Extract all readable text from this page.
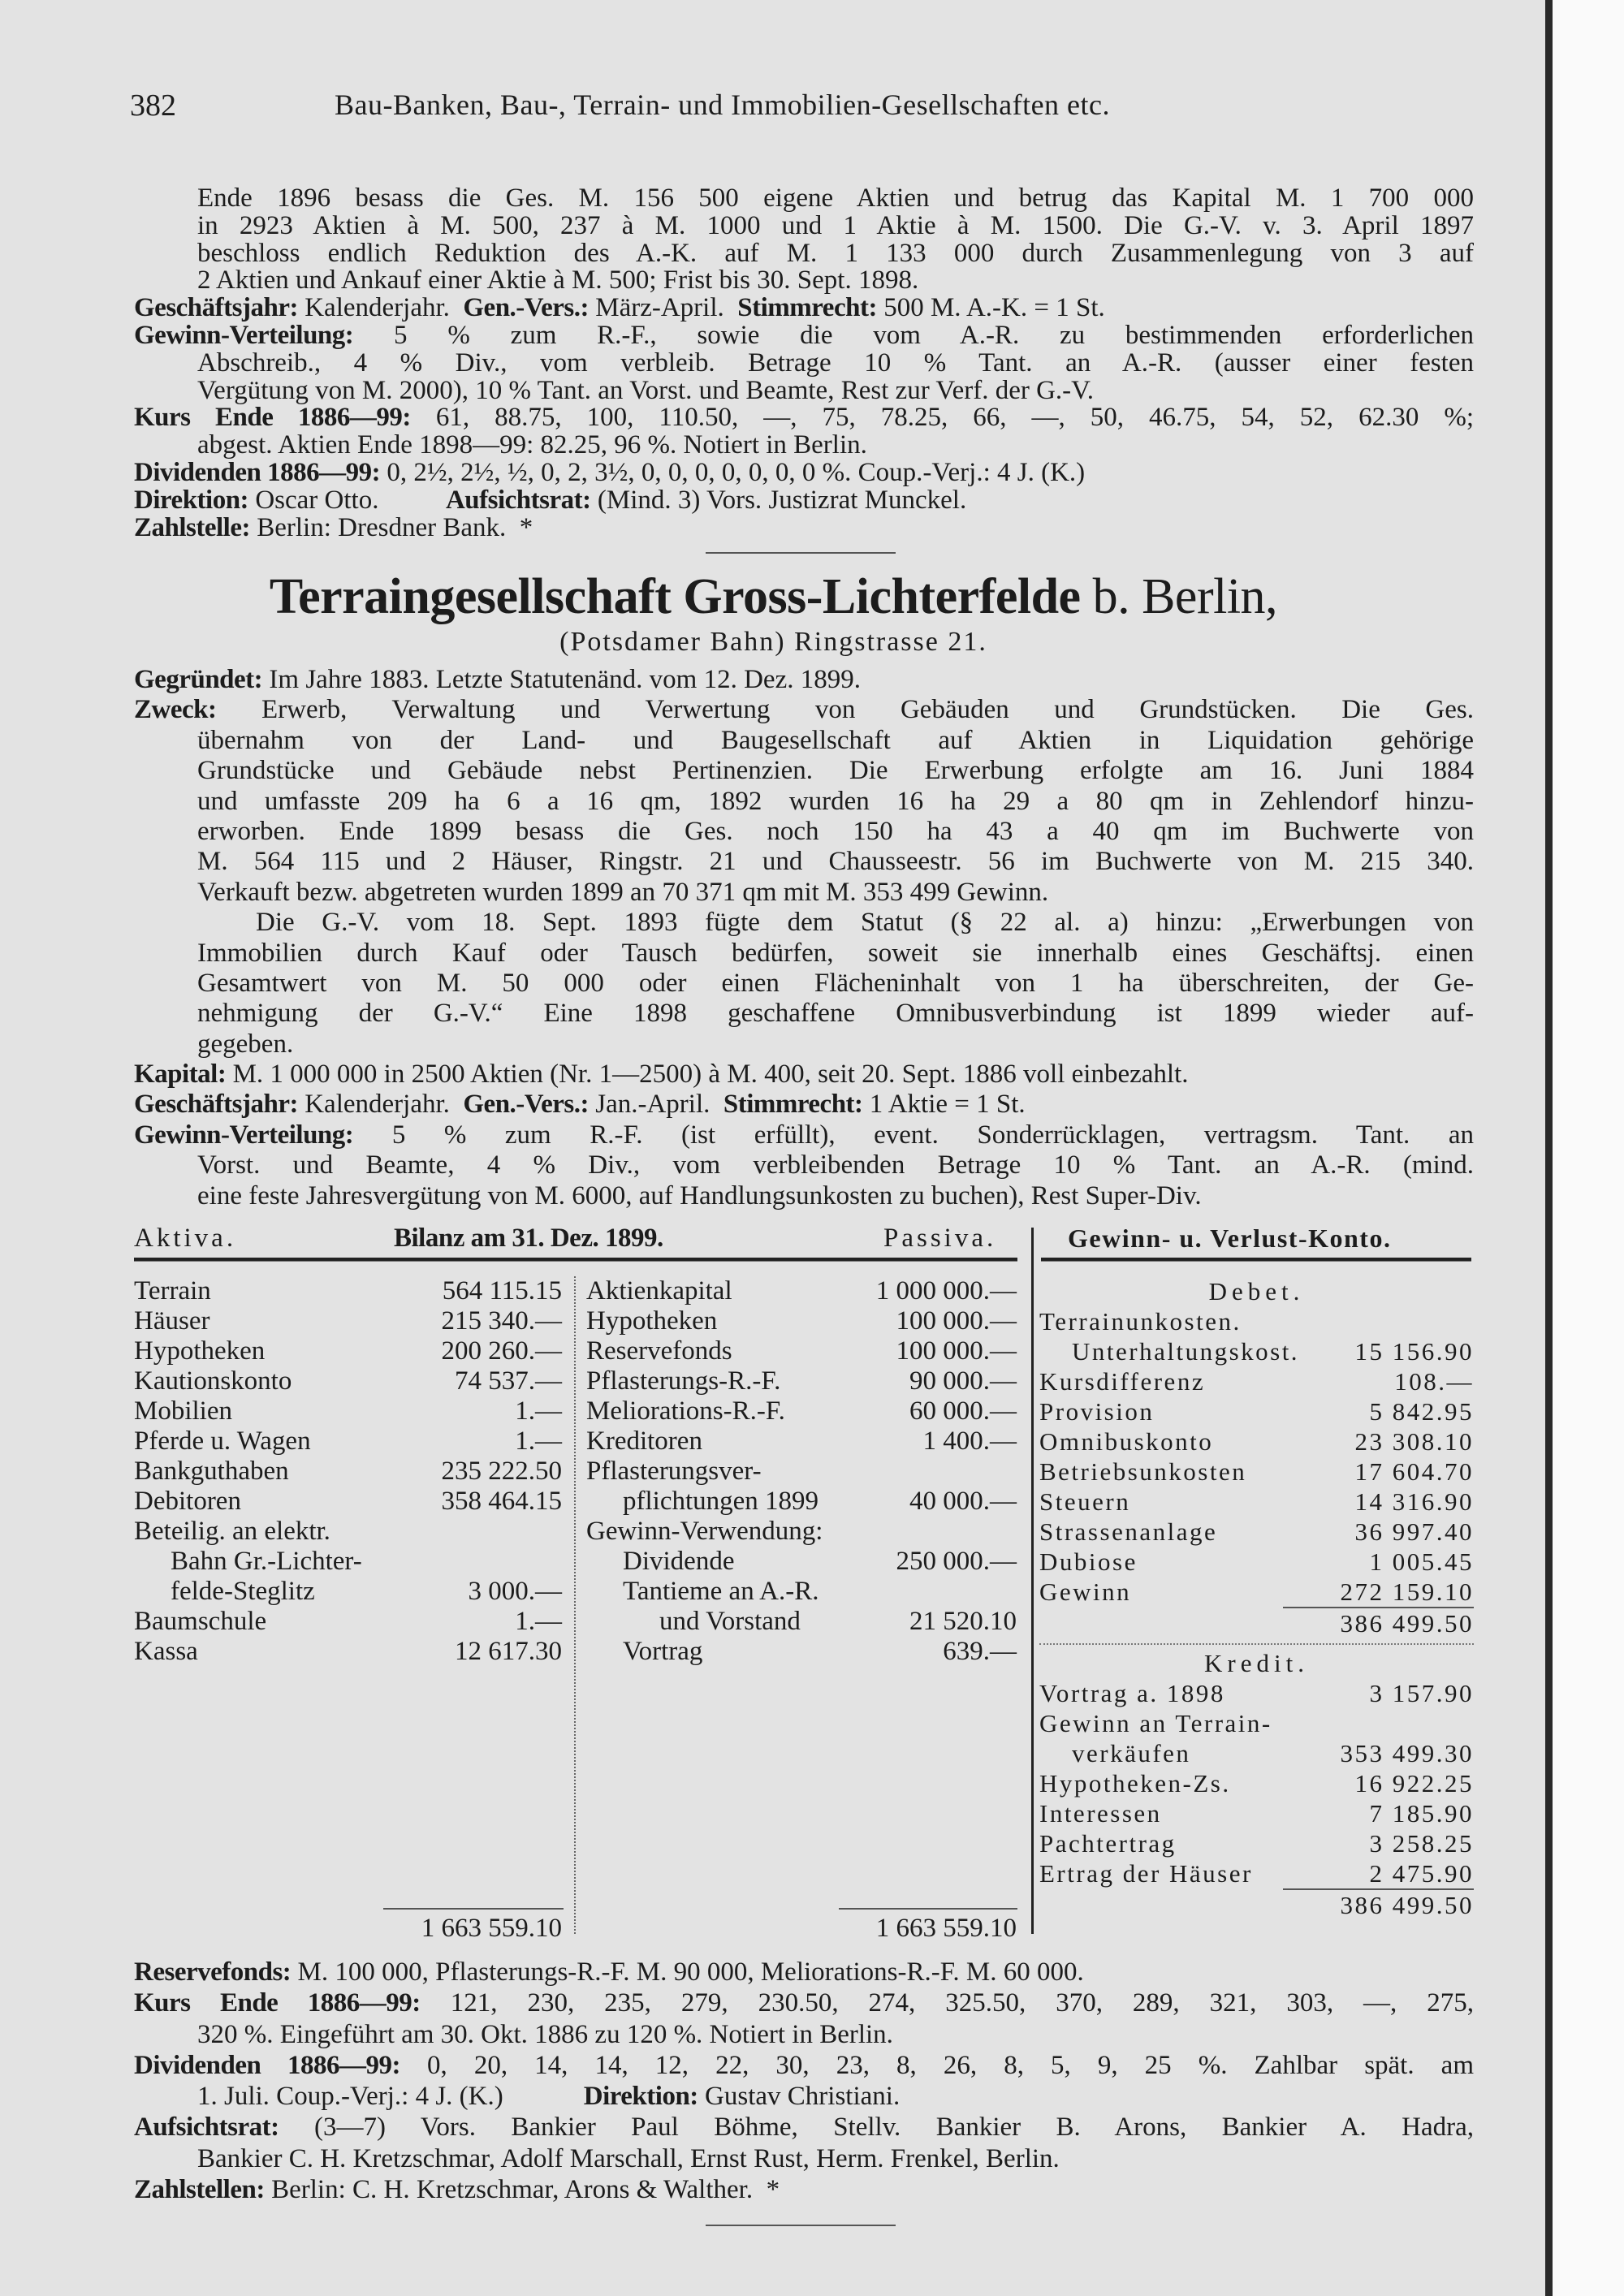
382	Bau-Banken, Bau-, Terrain- und Immobilien-Gesellschaften etc.
Ende 1896 besass die Ges. M. 156 500 eigene Aktien und betrug das Kapital M. 1 700 000
in 2923 Aktien à M. 500, 237 à M. 1000 und 1 Aktie à M. 1500. Die G.-V. v. 3. April 1897
beschloss endlich Reduktion des A.-K. auf M. 1 133 000 durch Zusammenlegung von 3 auf
2 Aktien und Ankauf einer Aktie à M. 500; Frist bis 30. Sept. 1898.
Geschäftsjahr: Kalenderjahr.  Gen.-Vers.: März-April.  Stimmrecht: 500 M. A.-K. = 1 St.
Gewinn-Verteilung: 5 % zum R.-F., sowie die vom A.-R. zu bestimmenden erforderlichen
Abschreib., 4 % Div., vom verbleib. Betrage 10 % Tant. an A.-R. (ausser einer festen
Vergütung von M. 2000), 10 % Tant. an Vorst. und Beamte, Rest zur Verf. der G.-V.
Kurs Ende 1886—99: 61, 88.75, 100, 110.50, —, 75, 78.25, 66, —, 50, 46.75, 54, 52, 62.30 %;
abgest. Aktien Ende 1898—99: 82.25, 96 %. Notiert in Berlin.
Dividenden 1886—99: 0, 2½, 2½, ½, 0, 2, 3½, 0, 0, 0, 0, 0, 0, 0 %. Coup.-Verj.: 4 J. (K.)
Direktion: Oscar Otto.          Aufsichtsrat: (Mind. 3) Vors. Justizrat Munckel.
Zahlstelle: Berlin: Dresdner Bank.  *
Terraingesellschaft Gross-Lichterfelde b. Berlin,
(Potsdamer Bahn) Ringstrasse 21.
Gegründet: Im Jahre 1883. Letzte Statutenänd. vom 12. Dez. 1899.
Zweck: Erwerb, Verwaltung und Verwertung von Gebäuden und Grundstücken. Die Ges.
übernahm von der Land- und Baugesellschaft auf Aktien in Liquidation gehörige
Grundstücke und Gebäude nebst Pertinenzien. Die Erwerbung erfolgte am 16. Juni 1884
und umfasste 209 ha 6 a 16 qm, 1892 wurden 16 ha 29 a 80 qm in Zehlendorf hinzu-
erworben. Ende 1899 besass die Ges. noch 150 ha 43 a 40 qm im Buchwerte von
M. 564 115 und 2 Häuser, Ringstr. 21 und Chausseestr. 56 im Buchwerte von M. 215 340.
Verkauft bezw. abgetreten wurden 1899 an 70 371 qm mit M. 353 499 Gewinn.
Die G.-V. vom 18. Sept. 1893 fügte dem Statut (§ 22 al. a) hinzu: „Erwerbungen von
Immobilien durch Kauf oder Tausch bedürfen, soweit sie innerhalb eines Geschäftsj. einen
Gesamtwert von M. 50 000 oder einen Flächeninhalt von 1 ha überschreiten, der Ge-
nehmigung der G.-V.“ Eine 1898 geschaffene Omnibusverbindung ist 1899 wieder auf-
gegeben.
Kapital: M. 1 000 000 in 2500 Aktien (Nr. 1—2500) à M. 400, seit 20. Sept. 1886 voll einbezahlt.
Geschäftsjahr: Kalenderjahr.  Gen.-Vers.: Jan.-April.  Stimmrecht: 1 Aktie = 1 St.
Gewinn-Verteilung: 5 % zum R.-F. (ist erfüllt), event. Sonderrücklagen, vertragsm. Tant. an
Vorst. und Beamte, 4 % Div., vom verbleibenden Betrage 10 % Tant. an A.-R. (mind.
eine feste Jahresvergütung von M. 6000, auf Handlungsunkosten zu buchen), Rest Super-Div.
Aktiva.	Bilanz am 31. Dez. 1899.	Passiva.	Gewinn- u. Verlust-Konto.
Terrain	564 115.15
Häuser	215 340.—
Hypotheken	200 260.—
Kautionskonto	74 537.—
Mobilien	1.—
Pferde u. Wagen	1.—
Bankguthaben	235 222.50
Debitoren	358 464.15
Beteilig. an elektr.
Bahn Gr.-Lichter-
felde-Steglitz	3 000.—
Baumschule	1.—
Kassa	12 617.30
Aktienkapital	1 000 000.—
Hypotheken	100 000.—
Reservefonds	100 000.—
Pflasterungs-R.-F.	90 000.—
Meliorations-R.-F.	60 000.—
Kreditoren	1 400.—
Pflasterungsver-
pflichtungen 1899	40 000.—
Gewinn-Verwendung:
Dividende	250 000.—
Tantieme an A.-R.
und Vorstand	21 520.10
Vortrag	639.—
Debet.
Terrainunkosten.
Unterhaltungskost. 15 156.90
Kursdifferenz	108.—
Provision	5 842.95
Omnibuskonto	23 308.10
Betriebsunkosten	17 604.70
Steuern	14 316.90
Strassenanlage	36 997.40
Dubiose	1 005.45
Gewinn	272 159.10
386 499.50
Kredit.
Vortrag a. 1898	3 157.90
Gewinn an Terrain-
verkäufen	353 499.30
Hypotheken-Zs.	16 922.25
Interessen	7 185.90
Pachtertrag	3 258.25
Ertrag der Häuser	2 475.90
386 499.50
1 663 559.10	1 663 559.10
Reservefonds: M. 100 000, Pflasterungs-R.-F. M. 90 000, Meliorations-R.-F. M. 60 000.
Kurs Ende 1886—99: 121, 230, 235, 279, 230.50, 274, 325.50, 370, 289, 321, 303, —, 275,
320 %. Eingeführt am 30. Okt. 1886 zu 120 %. Notiert in Berlin.
Dividenden 1886—99: 0, 20, 14, 14, 12, 22, 30, 23, 8, 26, 8, 5, 9, 25 %. Zahlbar spät. am
1. Juli. Coup.-Verj.: 4 J. (K.)            Direktion: Gustav Christiani.
Aufsichtsrat: (3—7) Vors. Bankier Paul Böhme, Stellv. Bankier B. Arons, Bankier A. Hadra,
Bankier C. H. Kretzschmar, Adolf Marschall, Ernst Rust, Herm. Frenkel, Berlin.
Zahlstellen: Berlin: C. H. Kretzschmar, Arons & Walther.  *
